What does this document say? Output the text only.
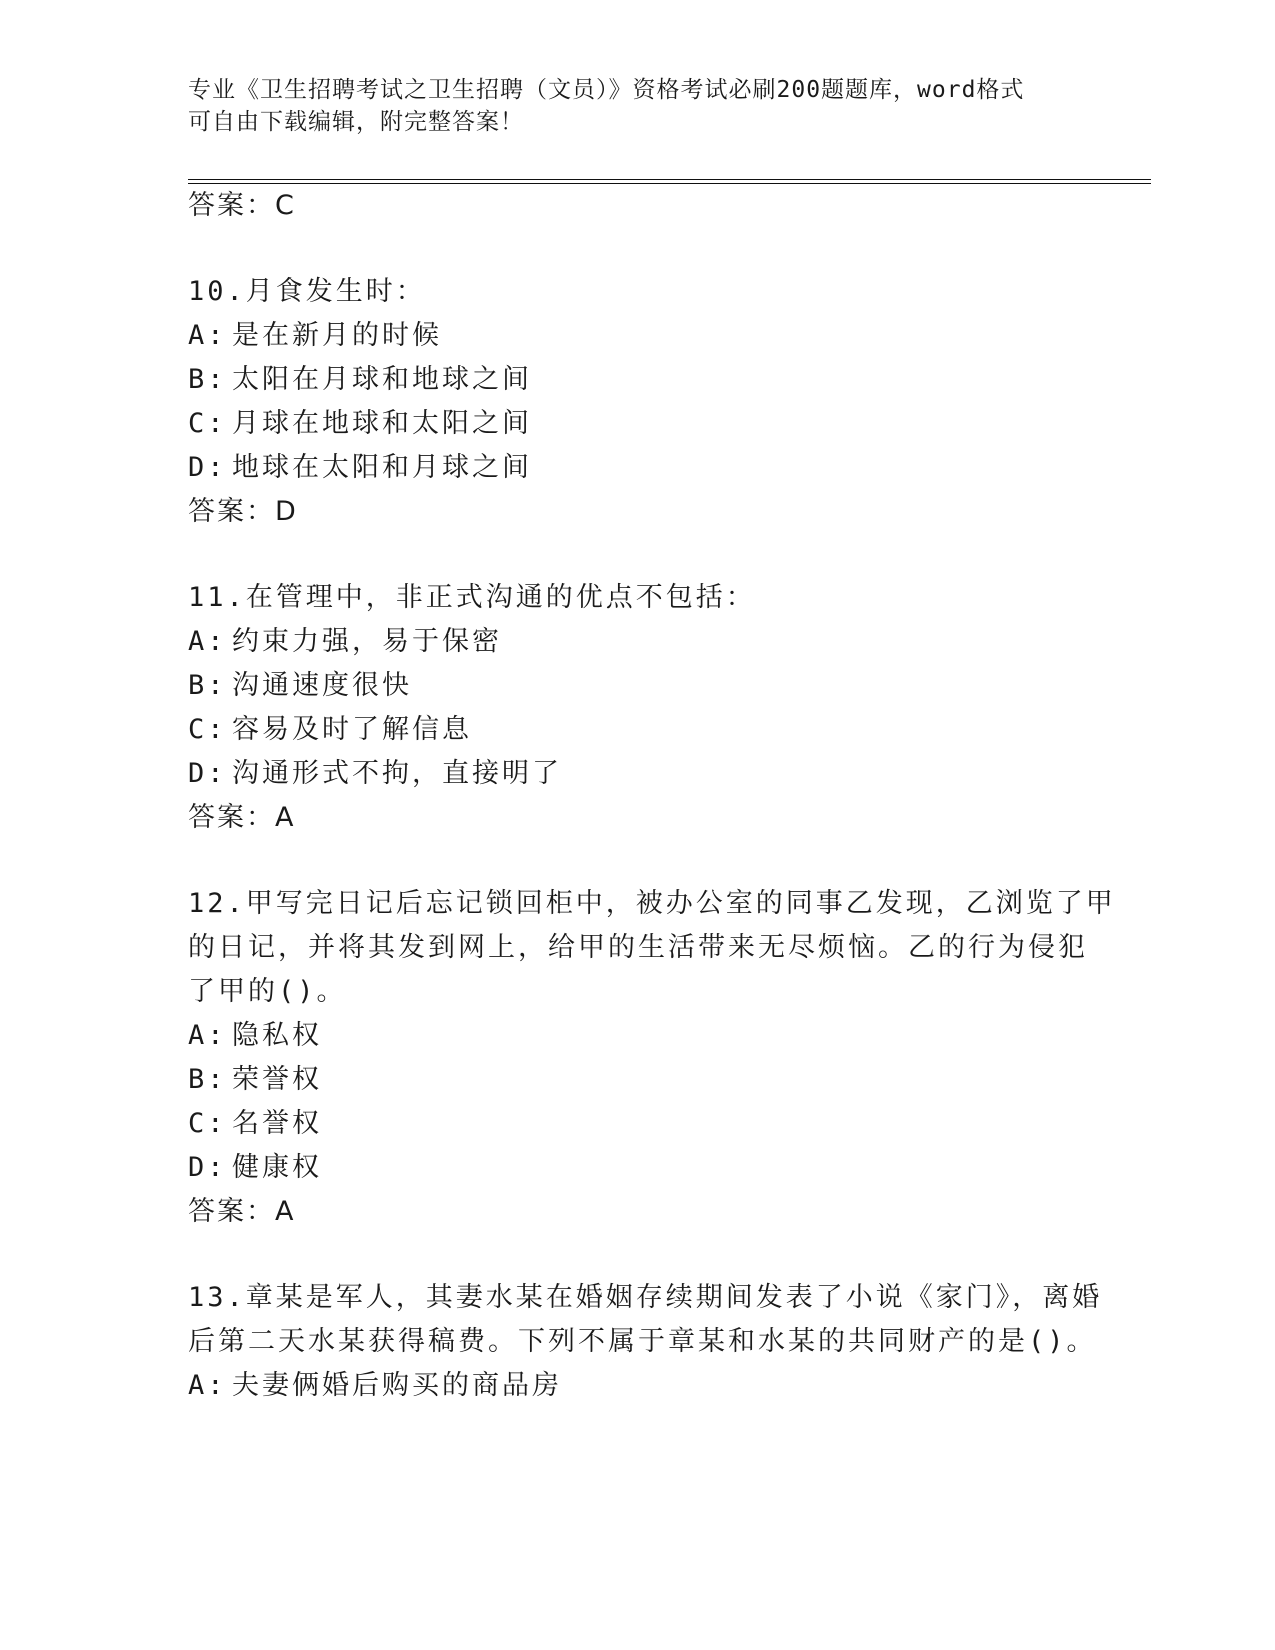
专业《卫生招聘考试之卫生招聘（文员）》资格考试必刷200题题库，word格式
可自由下载编辑，附完整答案！
答案：C
10.月食发生时：
A: 是在新月的时候
B: 太阳在月球和地球之间
C: 月球在地球和太阳之间
D: 地球在太阳和月球之间
答案：D
11.在管理中，非正式沟通的优点不包括：
A: 约束力强，易于保密
B: 沟通速度很快
C: 容易及时了解信息
D: 沟通形式不拘，直接明了
答案：A
12.甲写完日记后忘记锁回柜中，被办公室的同事乙发现，乙浏览了甲
的日记，并将其发到网上，给甲的生活带来无尽烦恼。乙的行为侵犯
了甲的()。
A: 隐私权
B: 荣誉权
C: 名誉权
D: 健康权
答案：A
13.章某是军人，其妻水某在婚姻存续期间发表了小说《家门》，离婚
后第二天水某获得稿费。下列不属于章某和水某的共同财产的是()。
A: 夫妻俩婚后购买的商品房
